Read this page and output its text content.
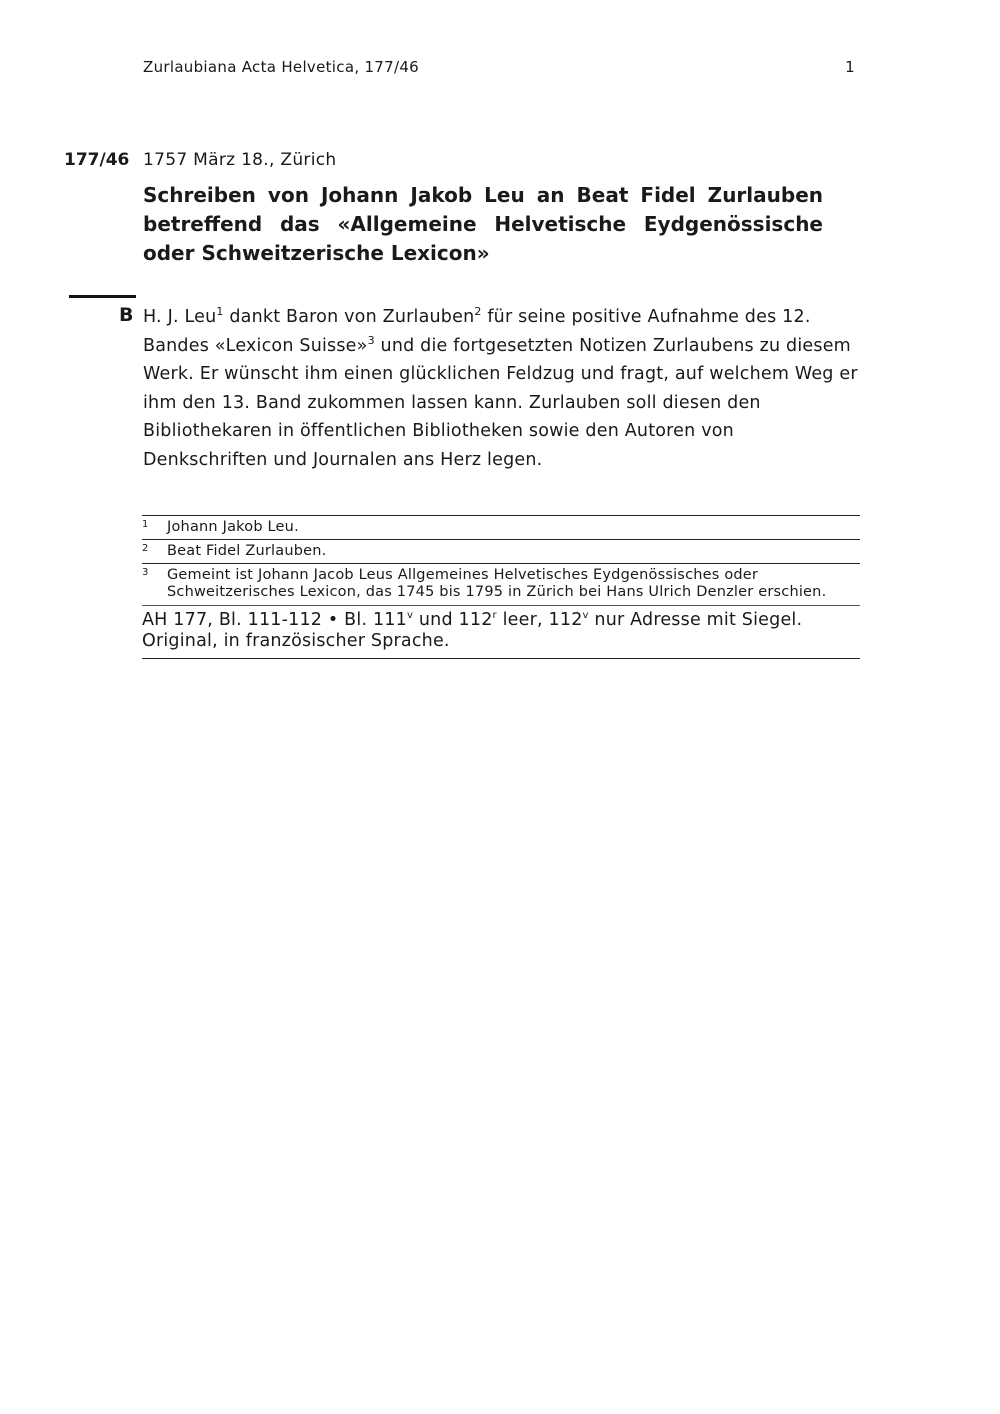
Zurlaubiana Acta Helvetica, 177/46	1
177/46 1757 März 18., Zürich
Schreiben von Johann Jakob Leu an Beat Fidel Zurlauben betreffend das «Allgemeine Helvetische Eydgenössische oder Schweitzerische Lexicon»
B H. J. Leu$^1$ dankt Baron von Zurlauben$^2$ für seine positive Aufnahme des 12. Bandes «Lexicon Suisse»$^3$ und die fortgesetzten Notizen Zurlaubens zu diesem Werk. Er wünscht ihm einen glücklichen Feldzug und fragt, auf welchem Weg er ihm den 13. Band zukommen lassen kann. Zurlauben soll diesen den Bibliothekaren in öffentlichen Bibliotheken sowie den Autoren von Denkschriften und Journalen ans Herz legen.
1 Johann Jakob Leu.
2 Beat Fidel Zurlauben.
3 Gemeint ist Johann Jacob Leus Allgemeines Helvetisches Eydgenössisches oder Schweitzerisches Lexicon, das 1745 bis 1795 in Zürich bei Hans Ulrich Denzler erschien.
AH 177, Bl. 111-112 • Bl. 111$^v$ und 112$^r$ leer, 112$^v$ nur Adresse mit Siegel.
Original, in französischer Sprache.
